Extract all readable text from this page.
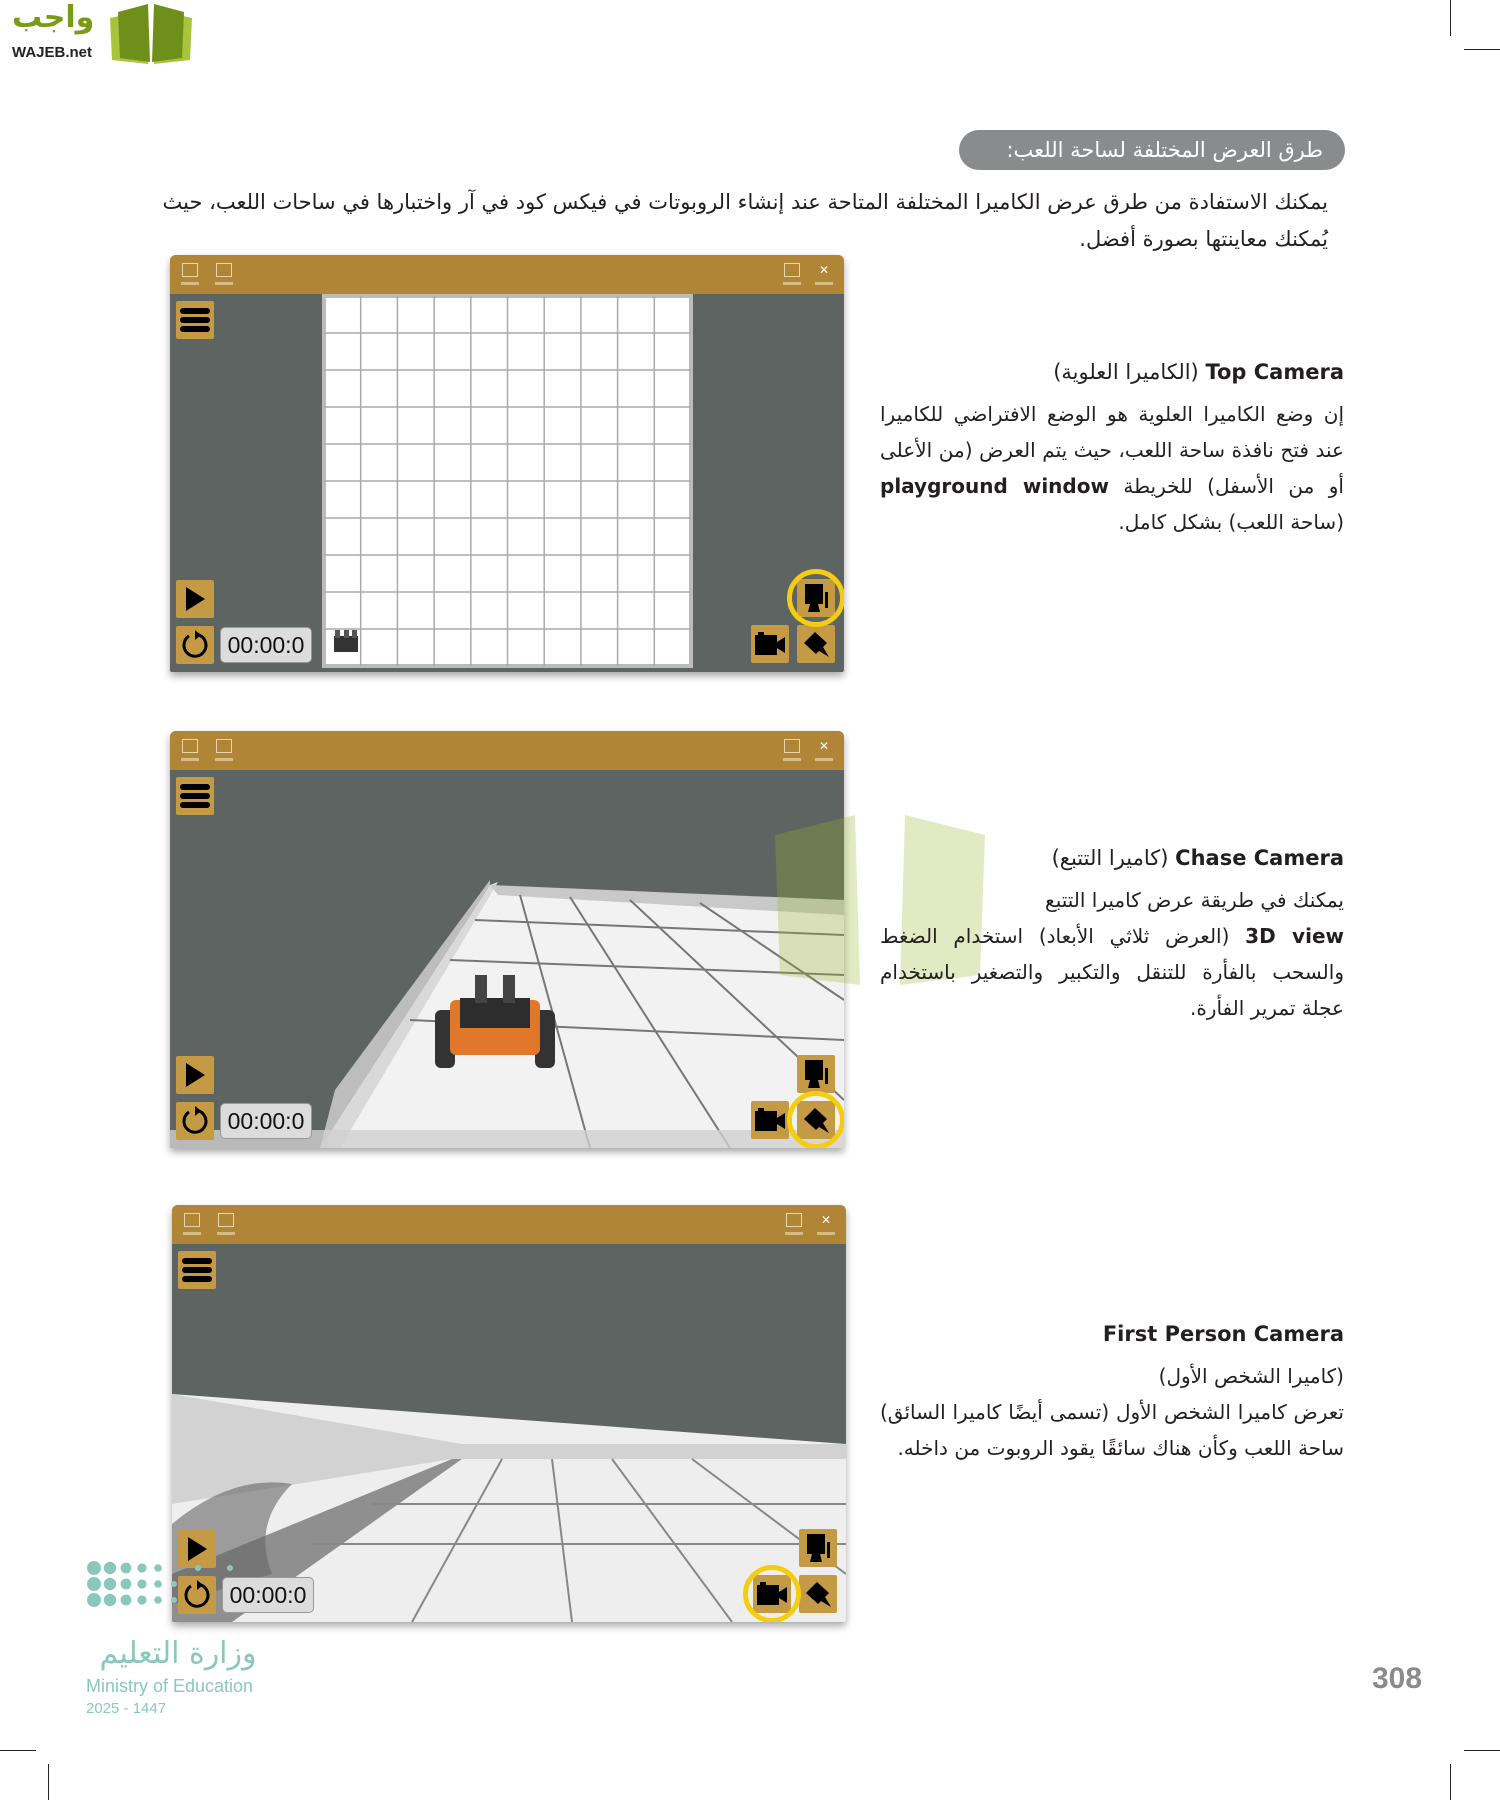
واجب
WAJEB.net
طرق العرض المختلفة لساحة اللعب:
يمكنك الاستفادة من طرق عرض الكاميرا المختلفة المتاحة عند إنشاء الروبوتات في فيكس كود في آر واختبارها في ساحات اللعب، حيث يُمكنك معاينتها بصورة أفضل.
✕
00:00:0
✕
00:00:0
✕
00:00:0
Top Camera (الكاميرا العلوية)
إن وضع الكاميرا العلوية هو الوضع الافتراضي للكاميرا عند فتح نافذة ساحة اللعب، حيث يتم العرض (من الأعلى أو من الأسفل) للخريطة playground window (ساحة اللعب) بشكل كامل.
Chase Camera (كاميرا التتبع)
يمكنك في طريقة عرض كاميرا التتبع
3D view (العرض ثلاثي الأبعاد) استخدام الضغط والسحب بالفأرة للتنقل والتكبير والتصغير باستخدام عجلة تمرير الفأرة.
First Person Camera
(كاميرا الشخص الأول)
تعرض كاميرا الشخص الأول (تسمى أيضًا كاميرا السائق) ساحة اللعب وكأن هناك سائقًا يقود الروبوت من داخله.
وزارة التعليم
Ministry of Education
2025 - 1447
308
